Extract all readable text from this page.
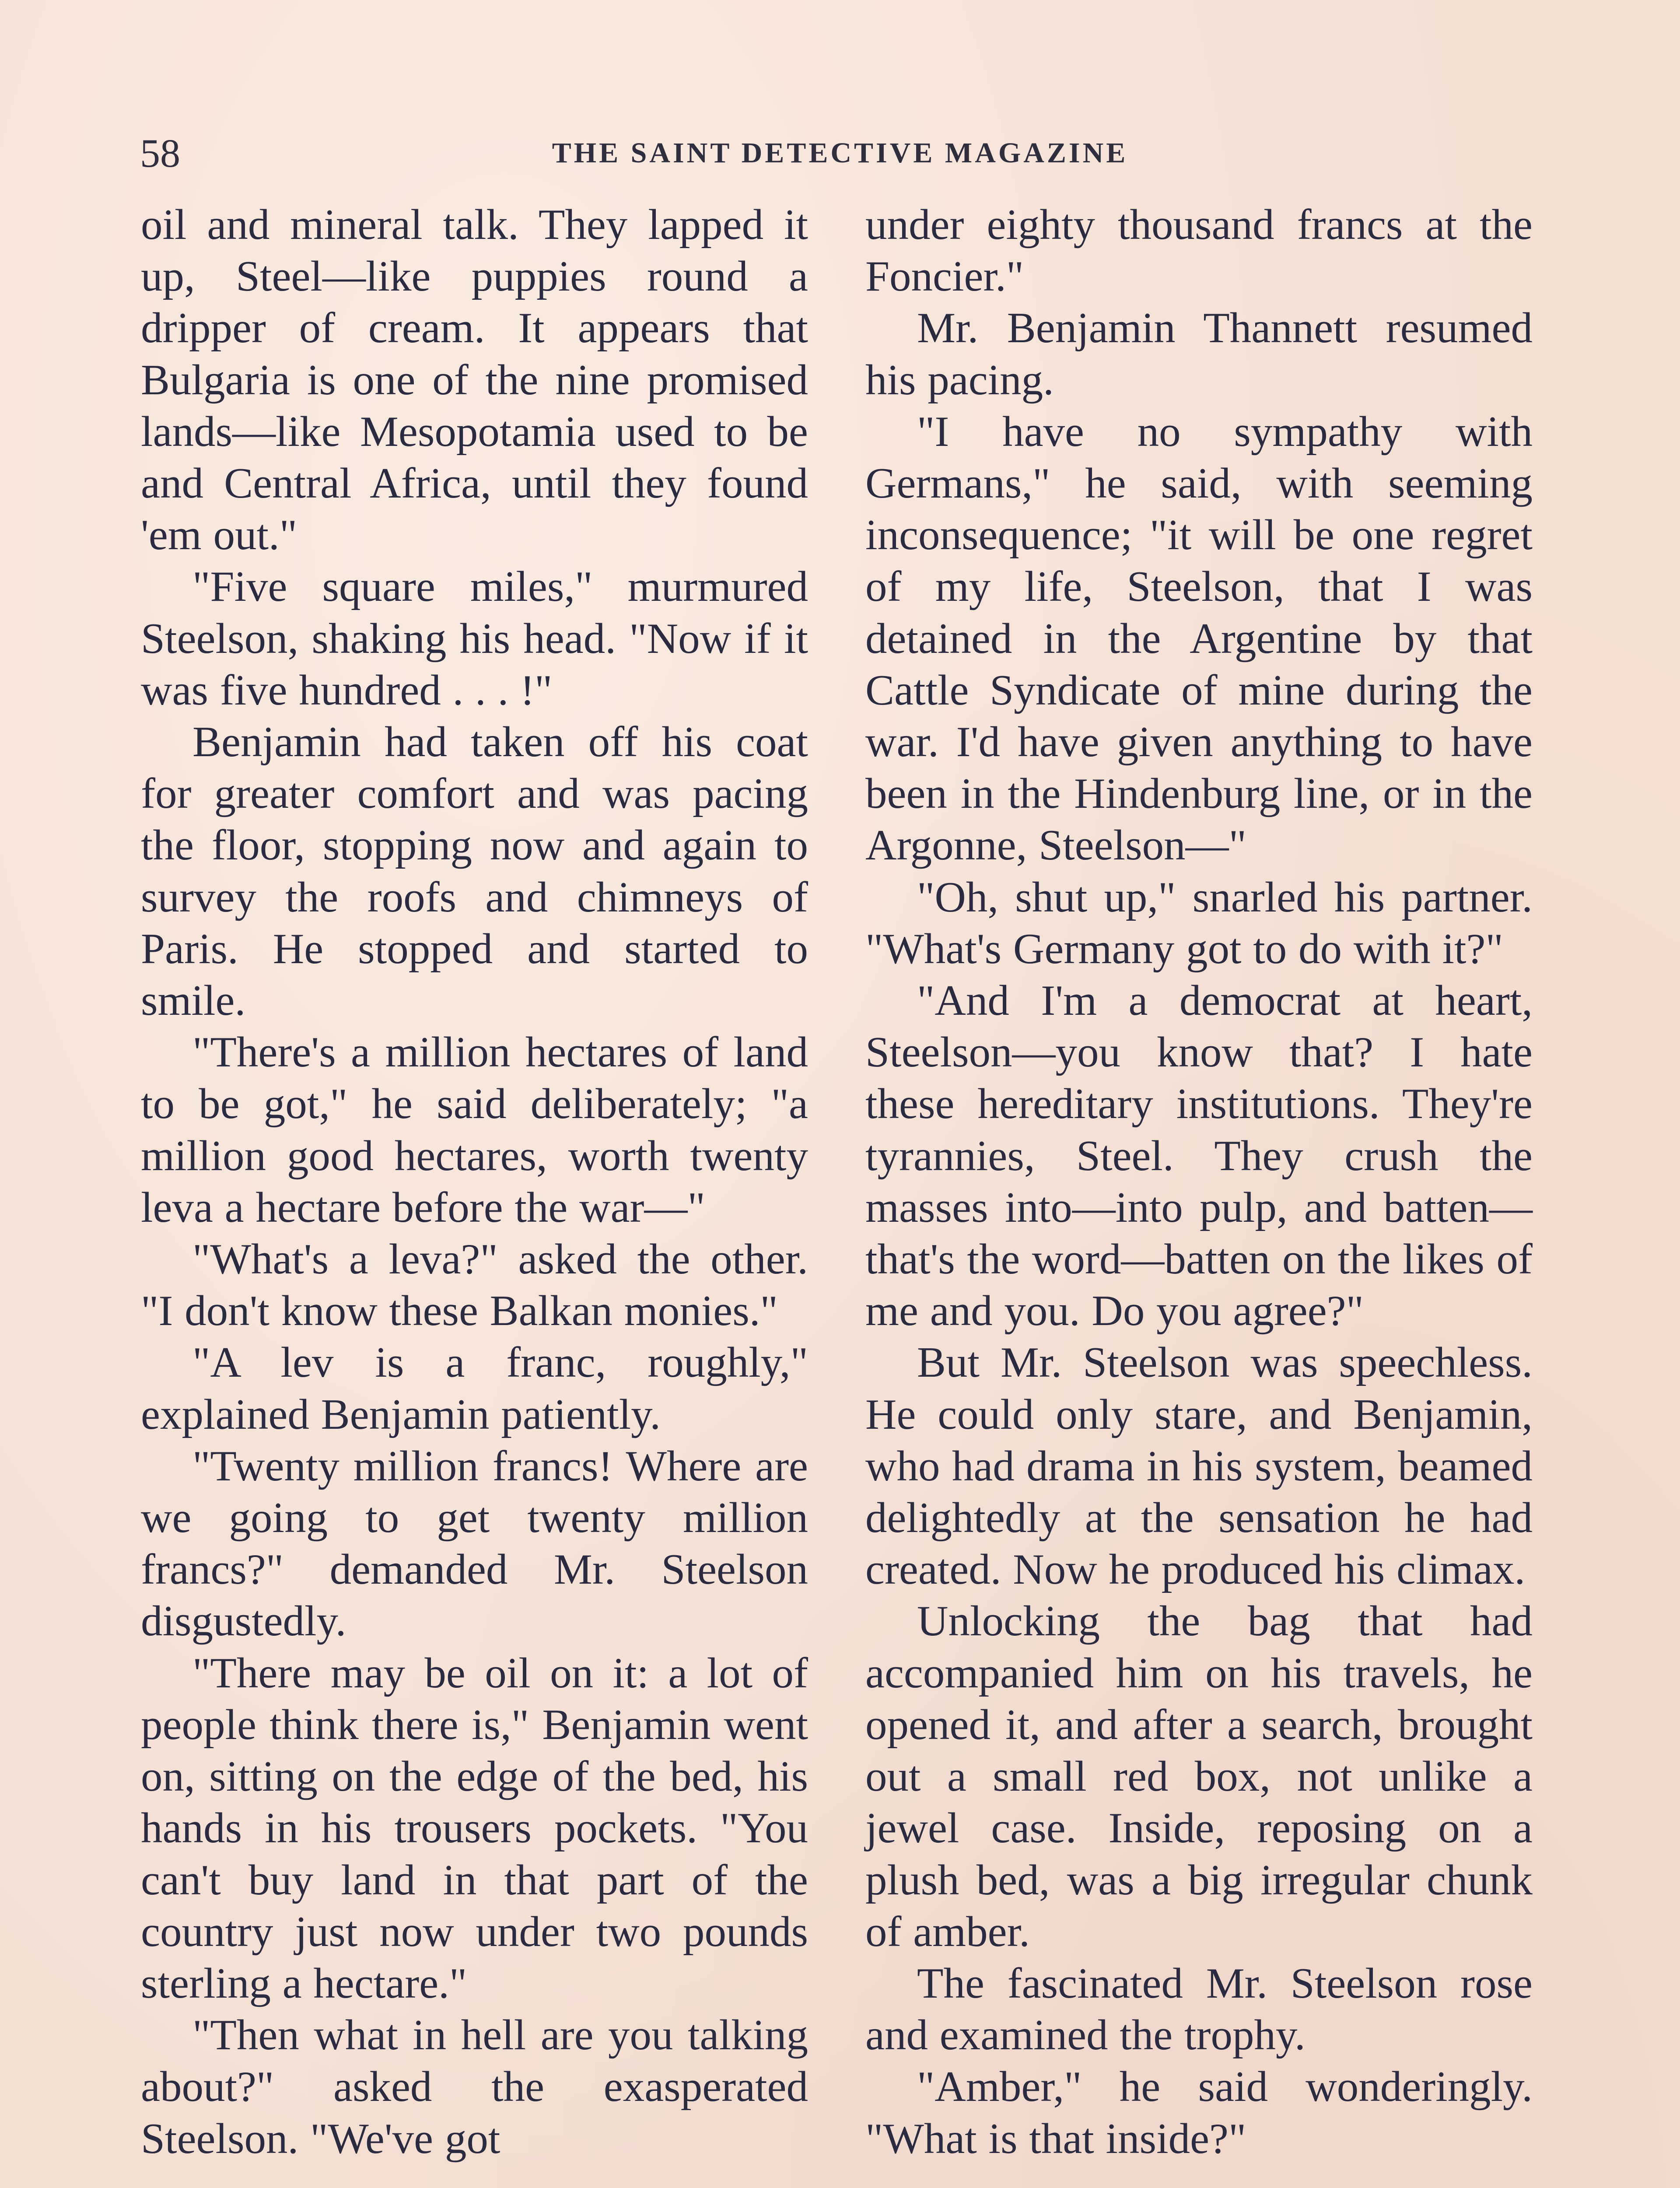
58	THE SAINT DETECTIVE MAGAZINE

oil and mineral talk. They lapped it up, Steel—like puppies round a dripper of cream. It appears that Bulgaria is one of the nine promised lands—like Mesopotamia used to be and Central Africa, until they found 'em out."

"Five square miles," murmured Steelson, shaking his head. "Now if it was five hundred . . . !"

Benjamin had taken off his coat for greater comfort and was pacing the floor, stopping now and again to survey the roofs and chimneys of Paris. He stopped and started to smile.

"There's a million hectares of land to be got," he said deliberately; "a million good hectares, worth twenty leva a hectare before the war—"

"What's a leva?" asked the other. "I don't know these Balkan monies."

"A lev is a franc, roughly," explained Benjamin patiently.

"Twenty million francs! Where are we going to get twenty million francs?" demanded Mr. Steelson disgustedly.

"There may be oil on it: a lot of people think there is," Benjamin went on, sitting on the edge of the bed, his hands in his trousers pockets. "You can't buy land in that part of the country just now under two pounds sterling a hectare."

"Then what in hell are you talking about?" asked the exasperated Steelson. "We've got

under eighty thousand francs at the Foncier."

Mr. Benjamin Thannett resumed his pacing.

"I have no sympathy with Germans," he said, with seeming inconsequence; "it will be one regret of my life, Steelson, that I was detained in the Argentine by that Cattle Syndicate of mine during the war. I'd have given anything to have been in the Hindenburg line, or in the Argonne, Steelson—"

"Oh, shut up," snarled his partner. "What's Germany got to do with it?"

"And I'm a democrat at heart, Steelson—you know that? I hate these hereditary institutions. They're tyrannies, Steel. They crush the masses into—into pulp, and batten—that's the word—batten on the likes of me and you. Do you agree?"

But Mr. Steelson was speechless. He could only stare, and Benjamin, who had drama in his system, beamed delightedly at the sensation he had created. Now he produced his climax.

Unlocking the bag that had accompanied him on his travels, he opened it, and after a search, brought out a small red box, not unlike a jewel case. Inside, reposing on a plush bed, was a big irregular chunk of amber.

The fascinated Mr. Steelson rose and examined the trophy.

"Amber," he said wonderingly. "What is that inside?"
